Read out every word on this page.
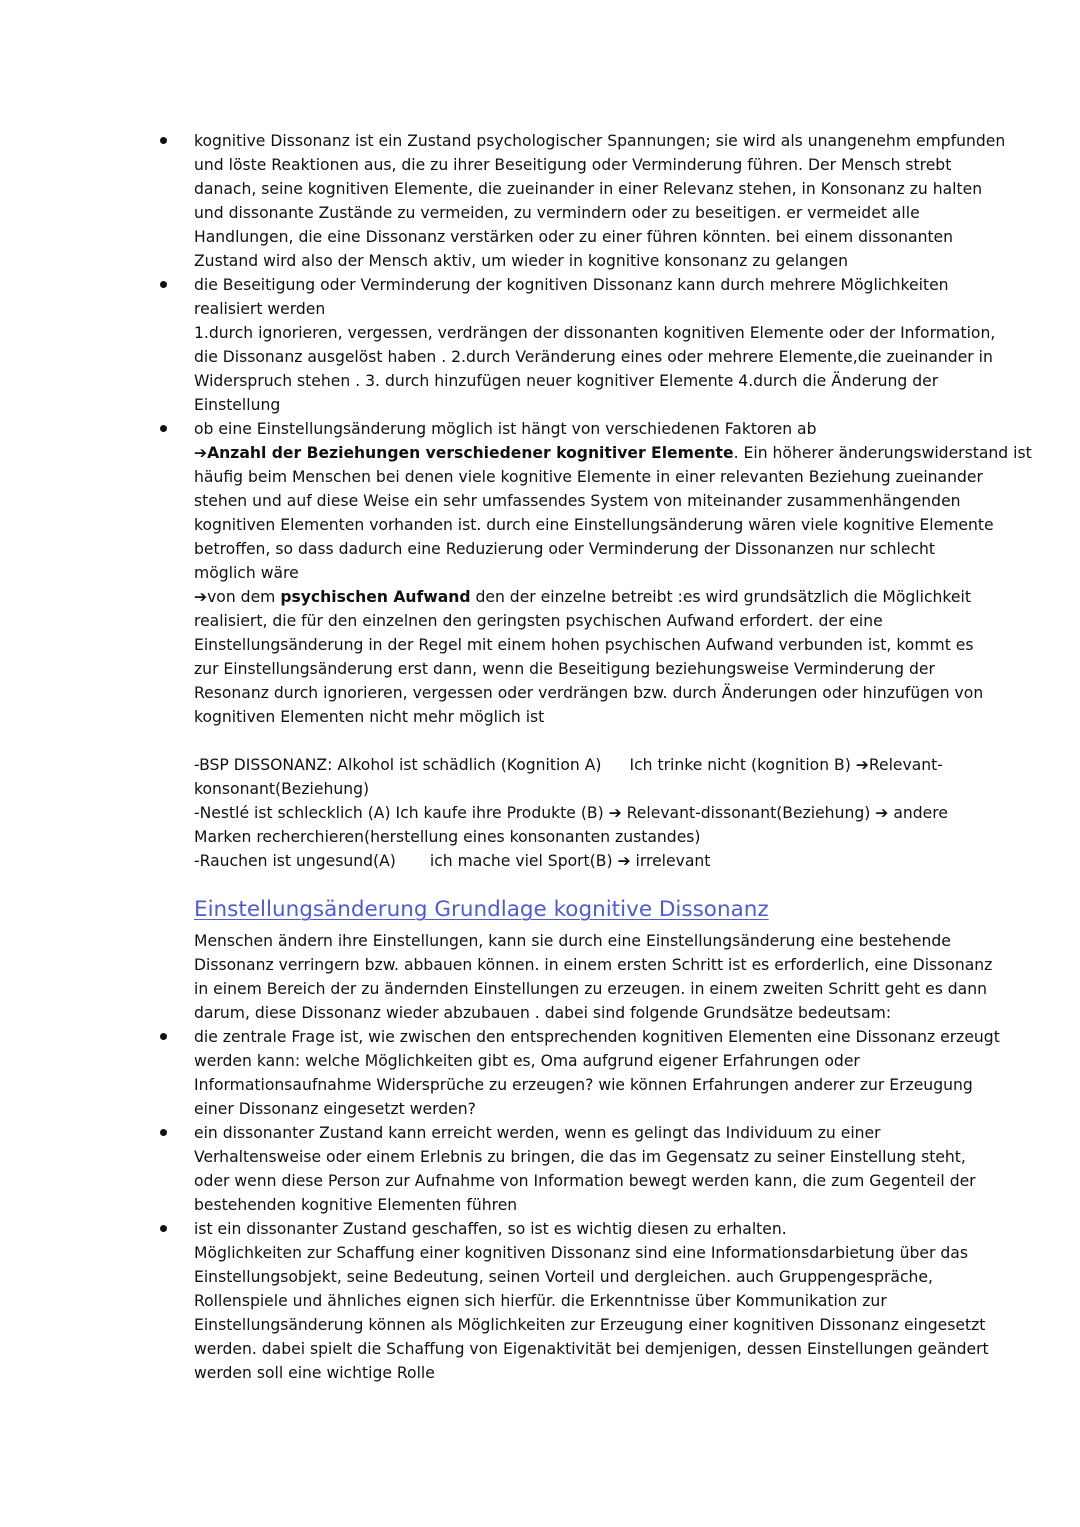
kognitive Dissonanz ist ein Zustand psychologischer Spannungen; sie wird als unangenehm empfunden
und löste Reaktionen aus, die zu ihrer Beseitigung oder Verminderung führen. Der Mensch strebt
danach, seine kognitiven Elemente, die zueinander in einer Relevanz stehen, in Konsonanz zu halten
und dissonante Zustände zu vermeiden, zu vermindern oder zu beseitigen. er vermeidet alle
Handlungen, die eine Dissonanz verstärken oder zu einer führen könnten. bei einem dissonanten
Zustand wird also der Mensch aktiv, um wieder in kognitive konsonanz zu gelangen
die Beseitigung oder Verminderung der kognitiven Dissonanz kann durch mehrere Möglichkeiten
realisiert werden
1.durch ignorieren, vergessen, verdrängen der dissonanten kognitiven Elemente oder der Information,
die Dissonanz ausgelöst haben . 2.durch Veränderung eines oder mehrere Elemente,die zueinander in
Widerspruch stehen . 3. durch hinzufügen neuer kognitiver Elemente 4.durch die Änderung der
Einstellung
ob eine Einstellungsänderung möglich ist hängt von verschiedenen Faktoren ab
➔Anzahl der Beziehungen verschiedener kognitiver Elemente. Ein höherer änderungswiderstand ist
häufig beim Menschen bei denen viele kognitive Elemente in einer relevanten Beziehung zueinander
stehen und auf diese Weise ein sehr umfassendes System von miteinander zusammenhängenden
kognitiven Elementen vorhanden ist. durch eine Einstellungsänderung wären viele kognitive Elemente
betroffen, so dass dadurch eine Reduzierung oder Verminderung der Dissonanzen nur schlecht
möglich wäre
➔von dem psychischen Aufwand den der einzelne betreibt :es wird grundsätzlich die Möglichkeit
realisiert, die für den einzelnen den geringsten psychischen Aufwand erfordert. der eine
Einstellungsänderung in der Regel mit einem hohen psychischen Aufwand verbunden ist, kommt es
zur Einstellungsänderung erst dann, wenn die Beseitigung beziehungsweise Verminderung der
Resonanz durch ignorieren, vergessen oder verdrängen bzw. durch Änderungen oder hinzufügen von
kognitiven Elementen nicht mehr möglich ist
-BSP DISSONANZ: Alkohol ist schädlich (Kognition A) Ich trinke nicht (kognition B) ➔Relevant-
konsonant(Beziehung)
-Nestlé ist schlecklich (A) Ich kaufe ihre Produkte (B) ➔ Relevant-dissonant(Beziehung) ➔ andere
Marken recherchieren(herstellung eines konsonanten zustandes)
-Rauchen ist ungesund(A) ich mache viel Sport(B) ➔ irrelevant
Einstellungsänderung Grundlage kognitive Dissonanz
Menschen ändern ihre Einstellungen, kann sie durch eine Einstellungsänderung eine bestehende
Dissonanz verringern bzw. abbauen können. in einem ersten Schritt ist es erforderlich, eine Dissonanz
in einem Bereich der zu ändernden Einstellungen zu erzeugen. in einem zweiten Schritt geht es dann
darum, diese Dissonanz wieder abzubauen . dabei sind folgende Grundsätze bedeutsam:
die zentrale Frage ist, wie zwischen den entsprechenden kognitiven Elementen eine Dissonanz erzeugt
werden kann: welche Möglichkeiten gibt es, Oma aufgrund eigener Erfahrungen oder
Informationsaufnahme Widersprüche zu erzeugen? wie können Erfahrungen anderer zur Erzeugung
einer Dissonanz eingesetzt werden?
ein dissonanter Zustand kann erreicht werden, wenn es gelingt das Individuum zu einer
Verhaltensweise oder einem Erlebnis zu bringen, die das im Gegensatz zu seiner Einstellung steht,
oder wenn diese Person zur Aufnahme von Information bewegt werden kann, die zum Gegenteil der
bestehenden kognitive Elementen führen
ist ein dissonanter Zustand geschaffen, so ist es wichtig diesen zu erhalten.
Möglichkeiten zur Schaffung einer kognitiven Dissonanz sind eine Informationsdarbietung über das
Einstellungsobjekt, seine Bedeutung, seinen Vorteil und dergleichen. auch Gruppengespräche,
Rollenspiele und ähnliches eignen sich hierfür. die Erkenntnisse über Kommunikation zur
Einstellungsänderung können als Möglichkeiten zur Erzeugung einer kognitiven Dissonanz eingesetzt
werden. dabei spielt die Schaffung von Eigenaktivität bei demjenigen, dessen Einstellungen geändert
werden soll eine wichtige Rolle
